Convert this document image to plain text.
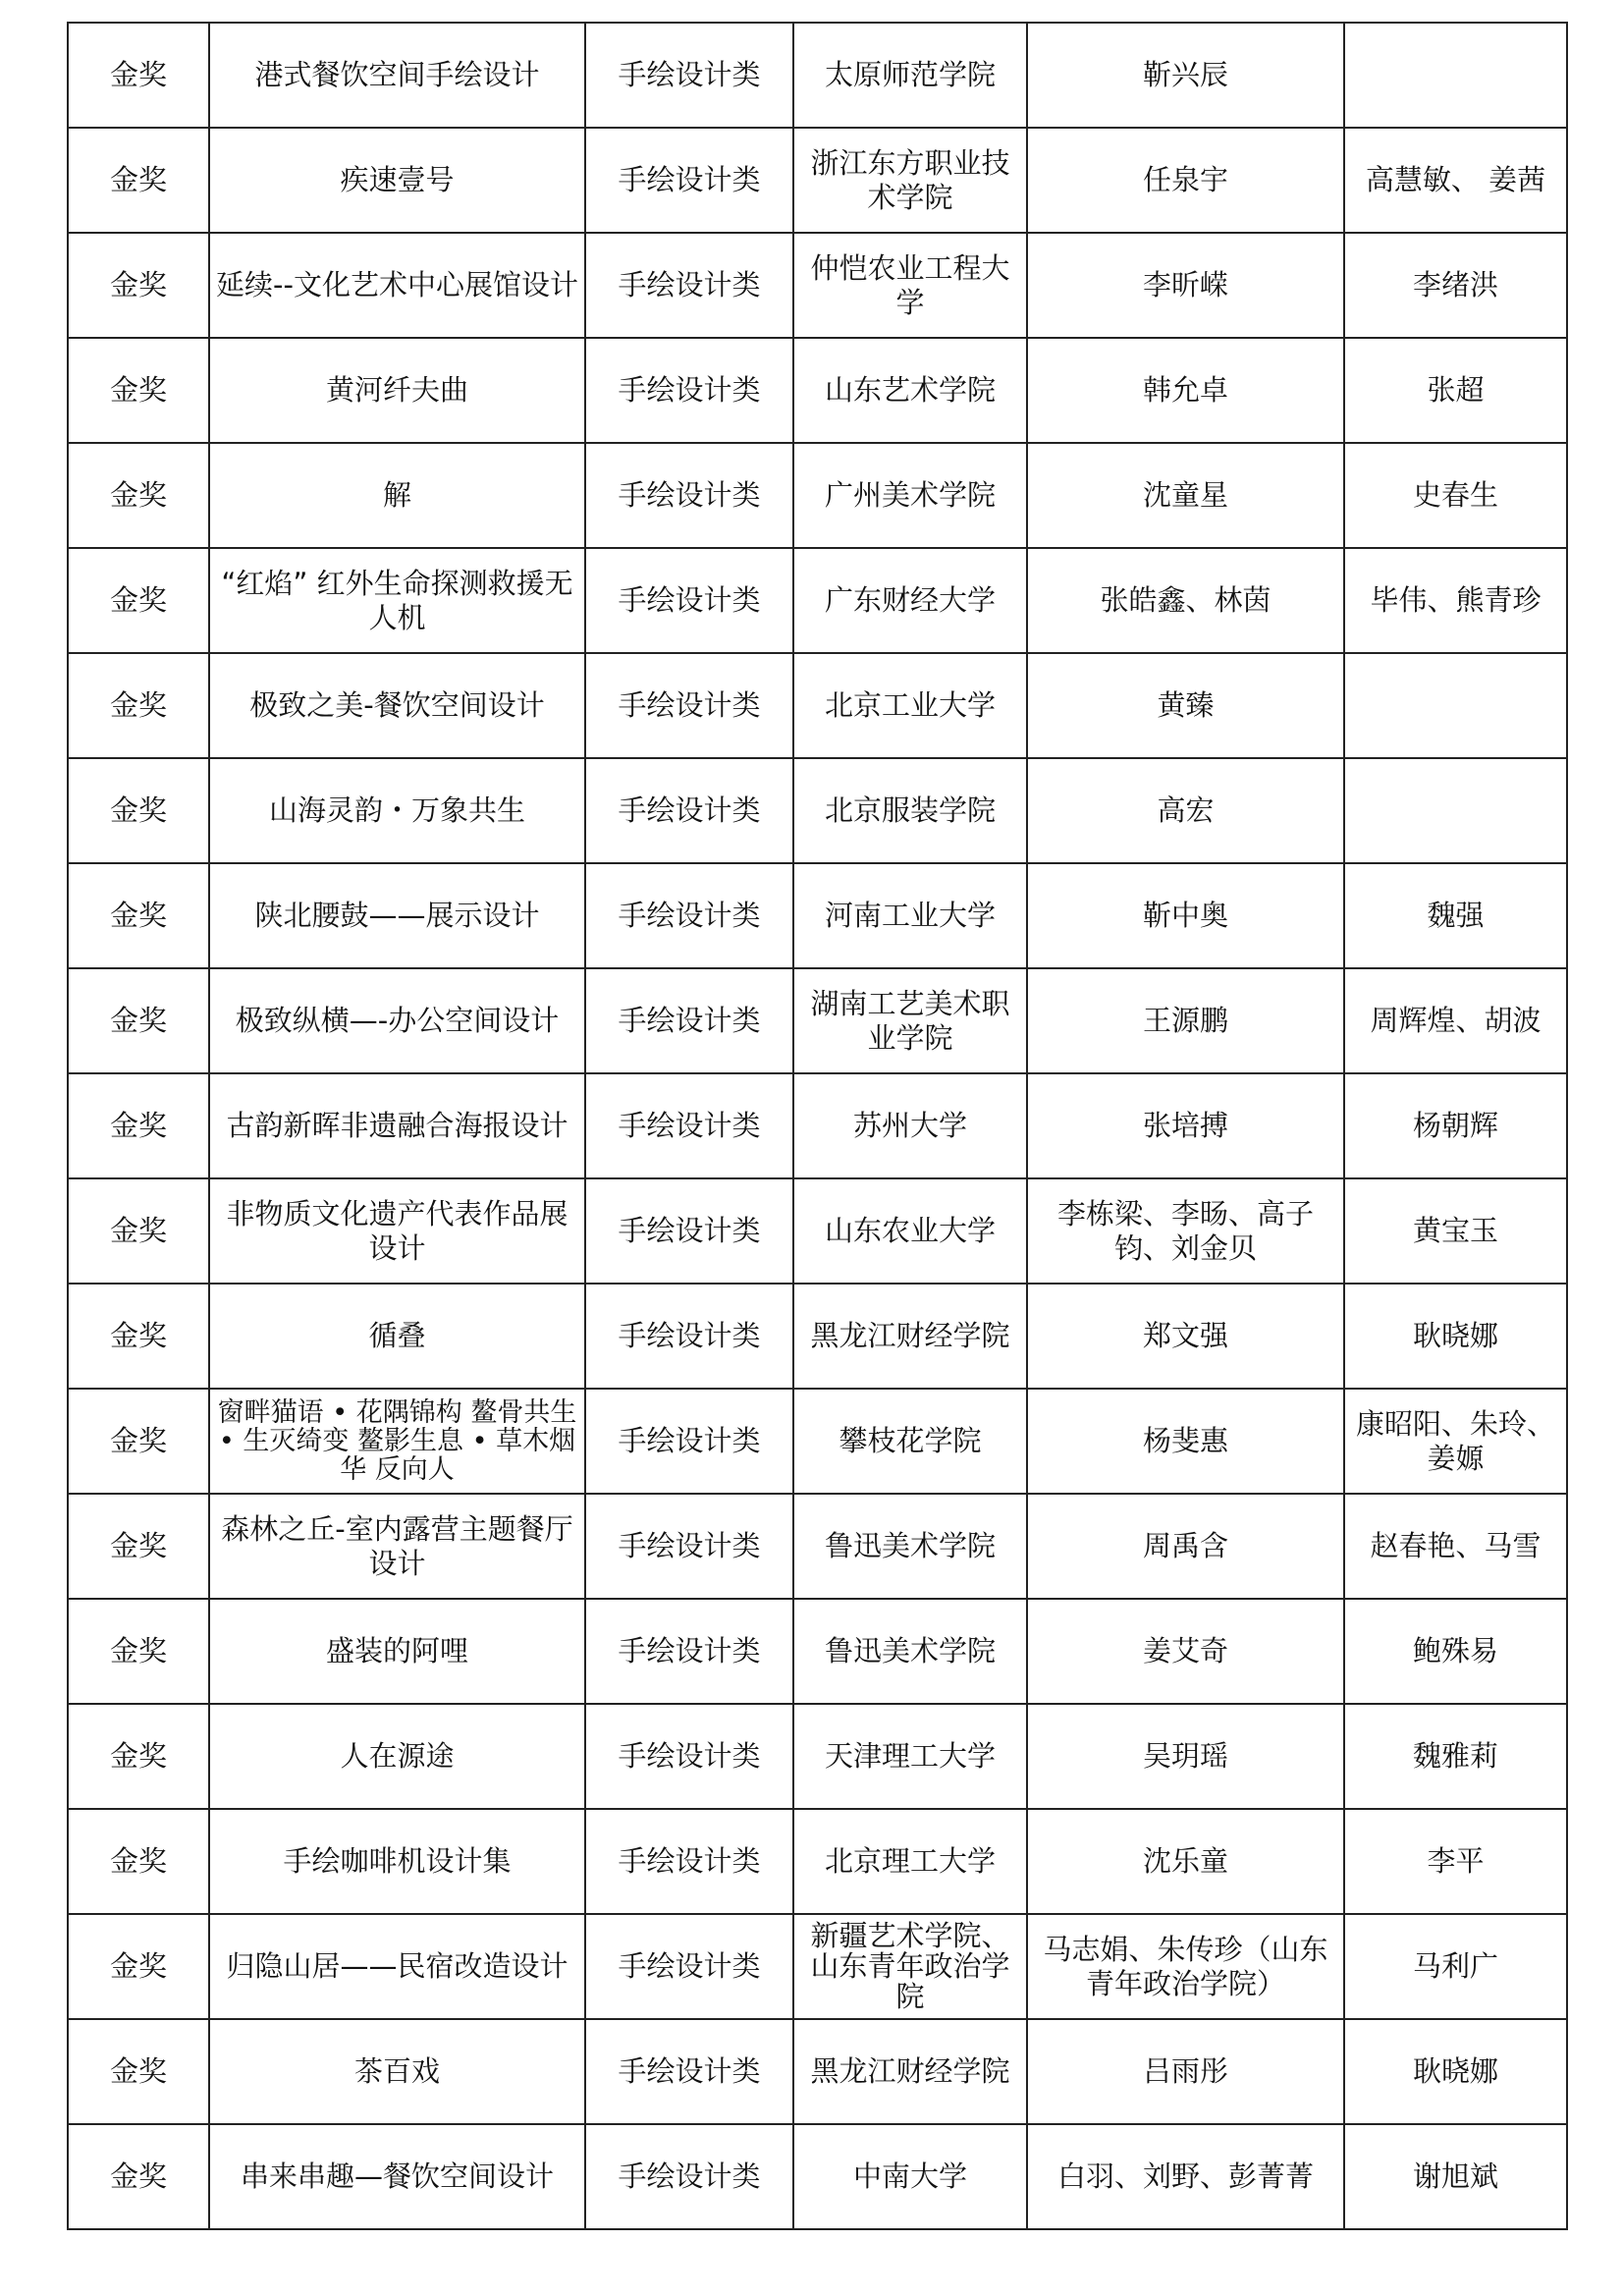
金奖	港式餐饮空间手绘设计	手绘设计类	太原师范学院	靳兴辰	
金奖	疾速壹号	手绘设计类	浙江东方职业技术学院	任泉宇	高慧敏、 姜茜
金奖	延续--文化艺术中心展馆设计	手绘设计类	仲恺农业工程大学	李昕嵘	李绪洪
金奖	黄河纤夫曲	手绘设计类	山东艺术学院	韩允卓	张超
金奖	解	手绘设计类	广州美术学院	沈童星	史春生
金奖	“红焰” 红外生命探测救援无人机	手绘设计类	广东财经大学	张皓鑫、林茵	毕伟、熊青珍
金奖	极致之美-餐饮空间设计	手绘设计类	北京工业大学	黄臻	
金奖	山海灵韵・万象共生	手绘设计类	北京服装学院	高宏	
金奖	陕北腰鼓——展示设计	手绘设计类	河南工业大学	靳中奥	魏强
金奖	极致纵横—-办公空间设计	手绘设计类	湖南工艺美术职业学院	王源鹏	周辉煌、胡波
金奖	古韵新晖非遗融合海报设计	手绘设计类	苏州大学	张培搏	杨朝辉
金奖	非物质文化遗产代表作品展设计	手绘设计类	山东农业大学	李栋梁、李旸、高子钧、刘金贝	黄宝玉
金奖	循叠	手绘设计类	黑龙江财经学院	郑文强	耿晓娜
金奖	窗畔猫语 • 花隅锦构 鳌骨共生 • 生灭绮变 鳌影生息 • 草木烟华 反向人	手绘设计类	攀枝花学院	杨斐惠	康昭阳、朱玲、姜嫄
金奖	森林之丘-室内露营主题餐厅设计	手绘设计类	鲁迅美术学院	周禹含	赵春艳、马雪
金奖	盛装的阿哩	手绘设计类	鲁迅美术学院	姜艾奇	鲍殊易
金奖	人在源途	手绘设计类	天津理工大学	吴玥瑶	魏雅莉
金奖	手绘咖啡机设计集	手绘设计类	北京理工大学	沈乐童	李平
金奖	归隐山居——民宿改造设计	手绘设计类	新疆艺术学院、山东青年政治学院	马志娟、朱传珍（山东青年政治学院）	马利广
金奖	茶百戏	手绘设计类	黑龙江财经学院	吕雨彤	耿晓娜
金奖	串来串趣—餐饮空间设计	手绘设计类	中南大学	白羽、刘野、彭菁菁	谢旭斌
